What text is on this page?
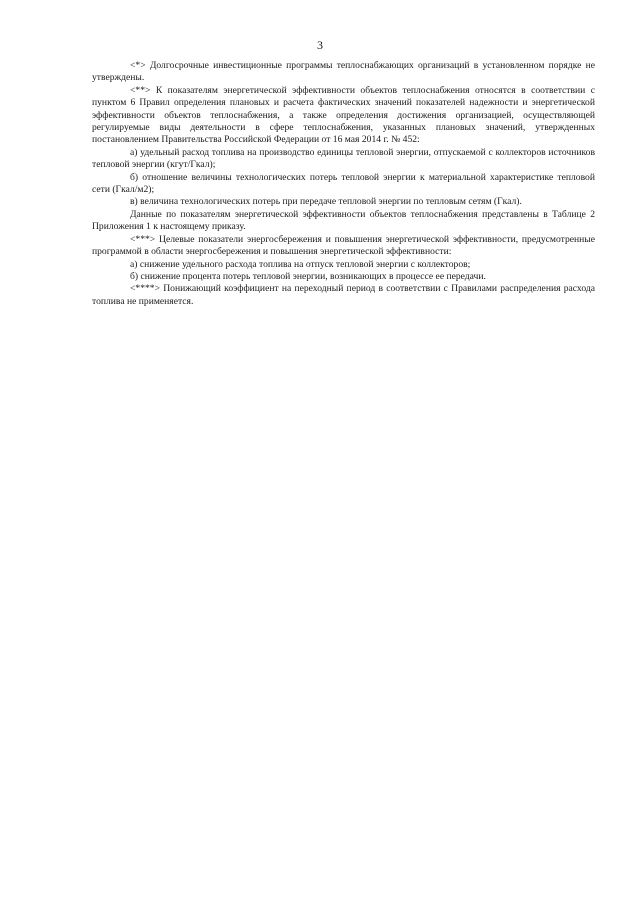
3

<*> Долгосрочные инвестиционные программы теплоснабжающих организаций в установленном порядке не утверждены.

<**> К показателям энергетической эффективности объектов теплоснабжения относятся в соответствии с пунктом 6 Правил определения плановых и расчета фактических значений показателей надежности и энергетической эффективности объектов теплоснабжения, а также определения достижения организацией, осуществляющей регулируемые виды деятельности в сфере теплоснабжения, указанных плановых значений, утвержденных постановлением Правительства Российской Федерации от 16 мая 2014 г. № 452:

а) удельный расход топлива на производство единицы тепловой энергии, отпускаемой с коллекторов источников тепловой энергии (кгут/Гкал);

б) отношение величины технологических потерь тепловой энергии к материальной характеристике тепловой сети (Гкал/м2);

в) величина технологических потерь при передаче тепловой энергии по тепловым сетям (Гкал).

Данные по показателям энергетической эффективности объектов теплоснабжения представлены в Таблице 2 Приложения 1 к настоящему приказу.

<***> Целевые показатели энергосбережения и повышения энергетической эффективности, предусмотренные программой в области энергосбережения и повышения энергетической эффективности:

а) снижение удельного расхода топлива на отпуск тепловой энергии с коллекторов;

б) снижение процента потерь тепловой энергии, возникающих в процессе ее передачи.

<****> Понижающий коэффициент на переходный период в соответствии с Правилами распределения расхода топлива не применяется.
